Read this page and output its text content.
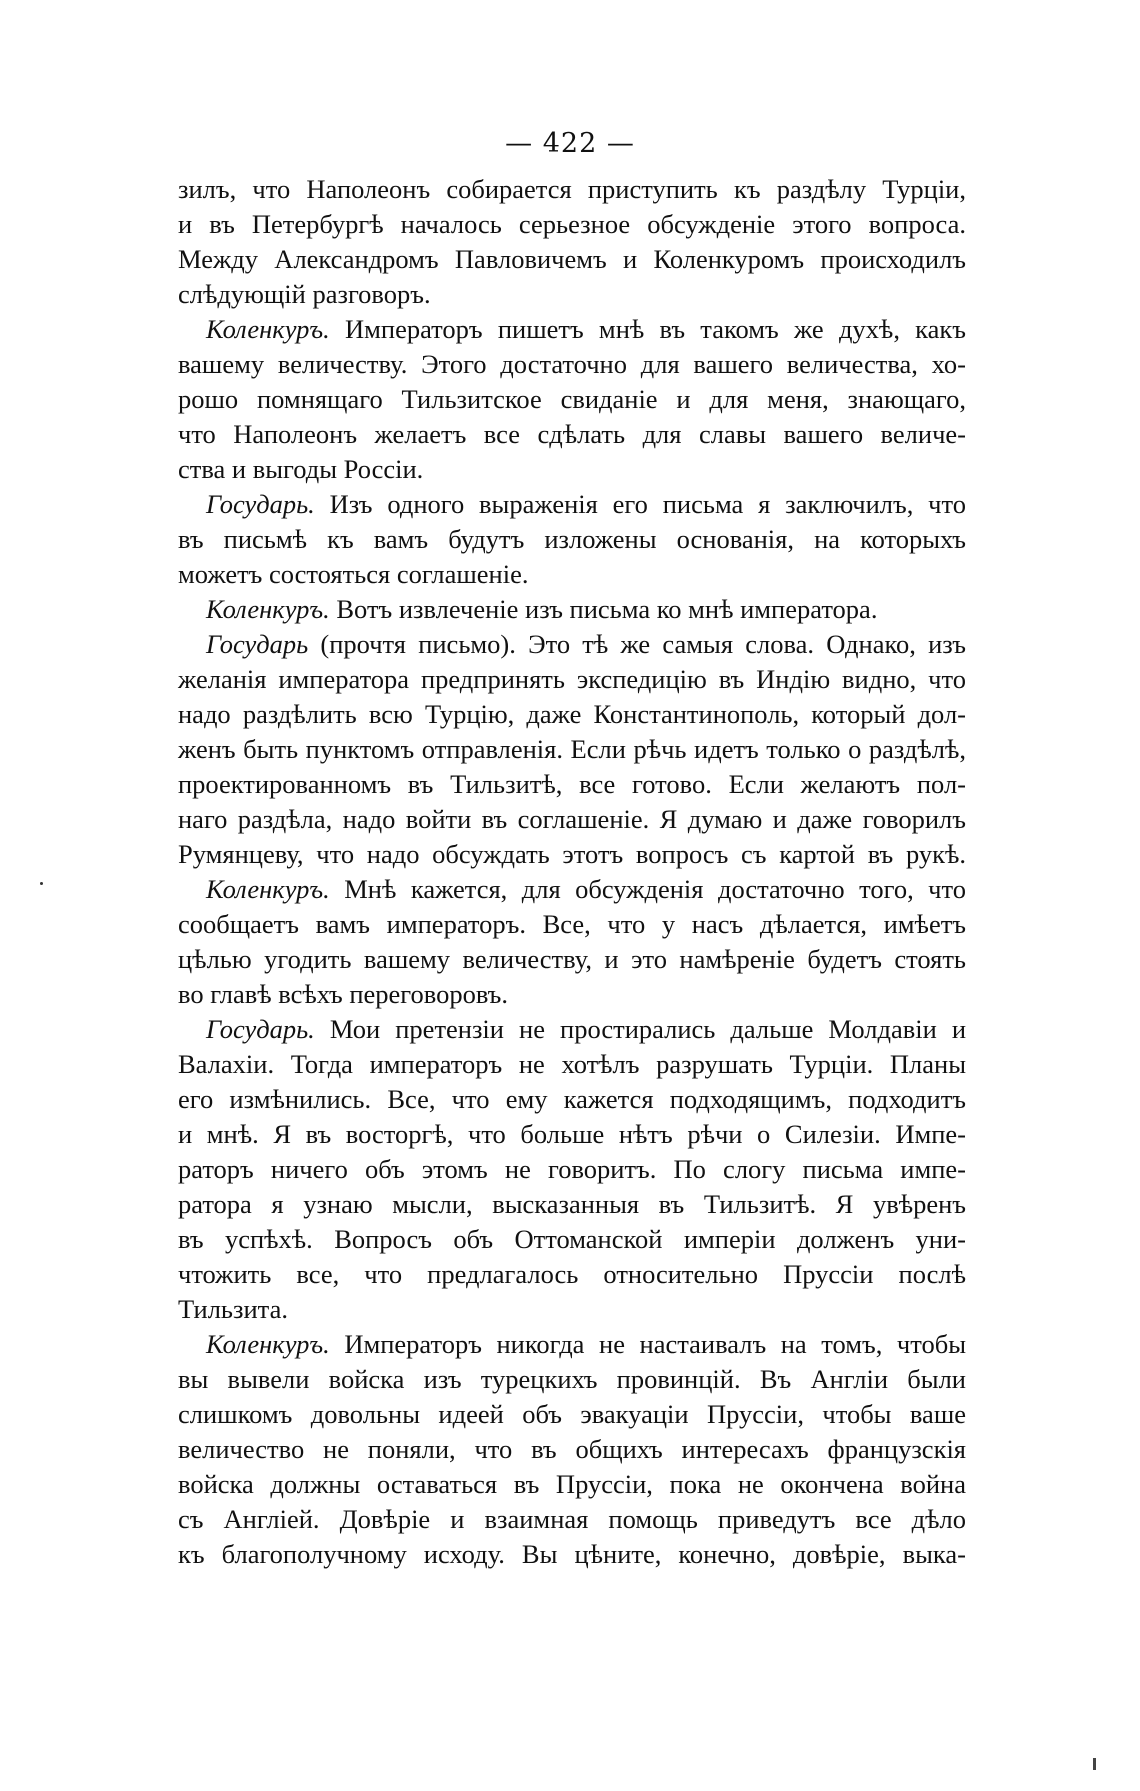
— 422 —
зилъ, что Наполеонъ собирается приступить къ раздѣлу Турціи,
и въ Петербургѣ началось серьезное обсужденіе этого вопроса.
Между Александромъ Павловичемъ и Коленкуромъ происходилъ
слѣдующій разговоръ.
Коленкуръ. Императоръ пишетъ мнѣ въ такомъ же духѣ, какъ
вашему величеству. Этого достаточно для вашего величества, хо-
рошо помнящаго Тильзитское свиданіе и для меня, знающаго,
что Наполеонъ желаетъ все сдѣлать для славы вашего величе-
ства и выгоды Россіи.
Государь. Изъ одного выраженія его письма я заключилъ, что
въ письмѣ къ вамъ будутъ изложены основанія, на которыхъ
можетъ состояться соглашеніе.
Коленкуръ. Вотъ извлеченіе изъ письма ко мнѣ императора.
Государь (прочтя письмо). Это тѣ же самыя слова. Однако, изъ
желанія императора предпринять экспедицію въ Индію видно, что
надо раздѣлить всю Турцію, даже Константинополь, который дол-
женъ быть пунктомъ отправленія. Если рѣчь идетъ только о раздѣлѣ,
проектированномъ въ Тильзитѣ, все готово. Если желаютъ пол-
наго раздѣла, надо войти въ соглашеніе. Я думаю и даже говорилъ
Румянцеву, что надо обсуждать этотъ вопросъ съ картой въ рукѣ.
Коленкуръ. Мнѣ кажется, для обсужденія достаточно того, что
сообщаетъ вамъ императоръ. Все, что у насъ дѣлается, имѣетъ
цѣлью угодить вашему величеству, и это намѣреніе будетъ стоять
во главѣ всѣхъ переговоровъ.
Государь. Мои претензіи не простирались дальше Молдавіи и
Валахіи. Тогда императоръ не хотѣлъ разрушать Турціи. Планы
его измѣнились. Все, что ему кажется подходящимъ, подходитъ
и мнѣ. Я въ восторгѣ, что больше нѣтъ рѣчи о Силезіи. Импе-
раторъ ничего объ этомъ не говоритъ. По слогу письма импе-
ратора я узнаю мысли, высказанныя въ Тильзитѣ. Я увѣренъ
въ успѣхѣ. Вопросъ объ Оттоманской имперіи долженъ уни-
чтожить все, что предлагалось относительно Пруссіи послѣ
Тильзита.
Коленкуръ. Императоръ никогда не настаивалъ на томъ, чтобы
вы вывели войска изъ турецкихъ провинцій. Въ Англіи были
слишкомъ довольны идеей объ эвакуаціи Пруссіи, чтобы ваше
величество не поняли, что въ общихъ интересахъ французскія
войска должны оставаться въ Пруссіи, пока не окончена война
съ Англіей. Довѣріе и взаимная помощь приведутъ все дѣло
къ благополучному исходу. Вы цѣните, конечно, довѣріе, выка-
